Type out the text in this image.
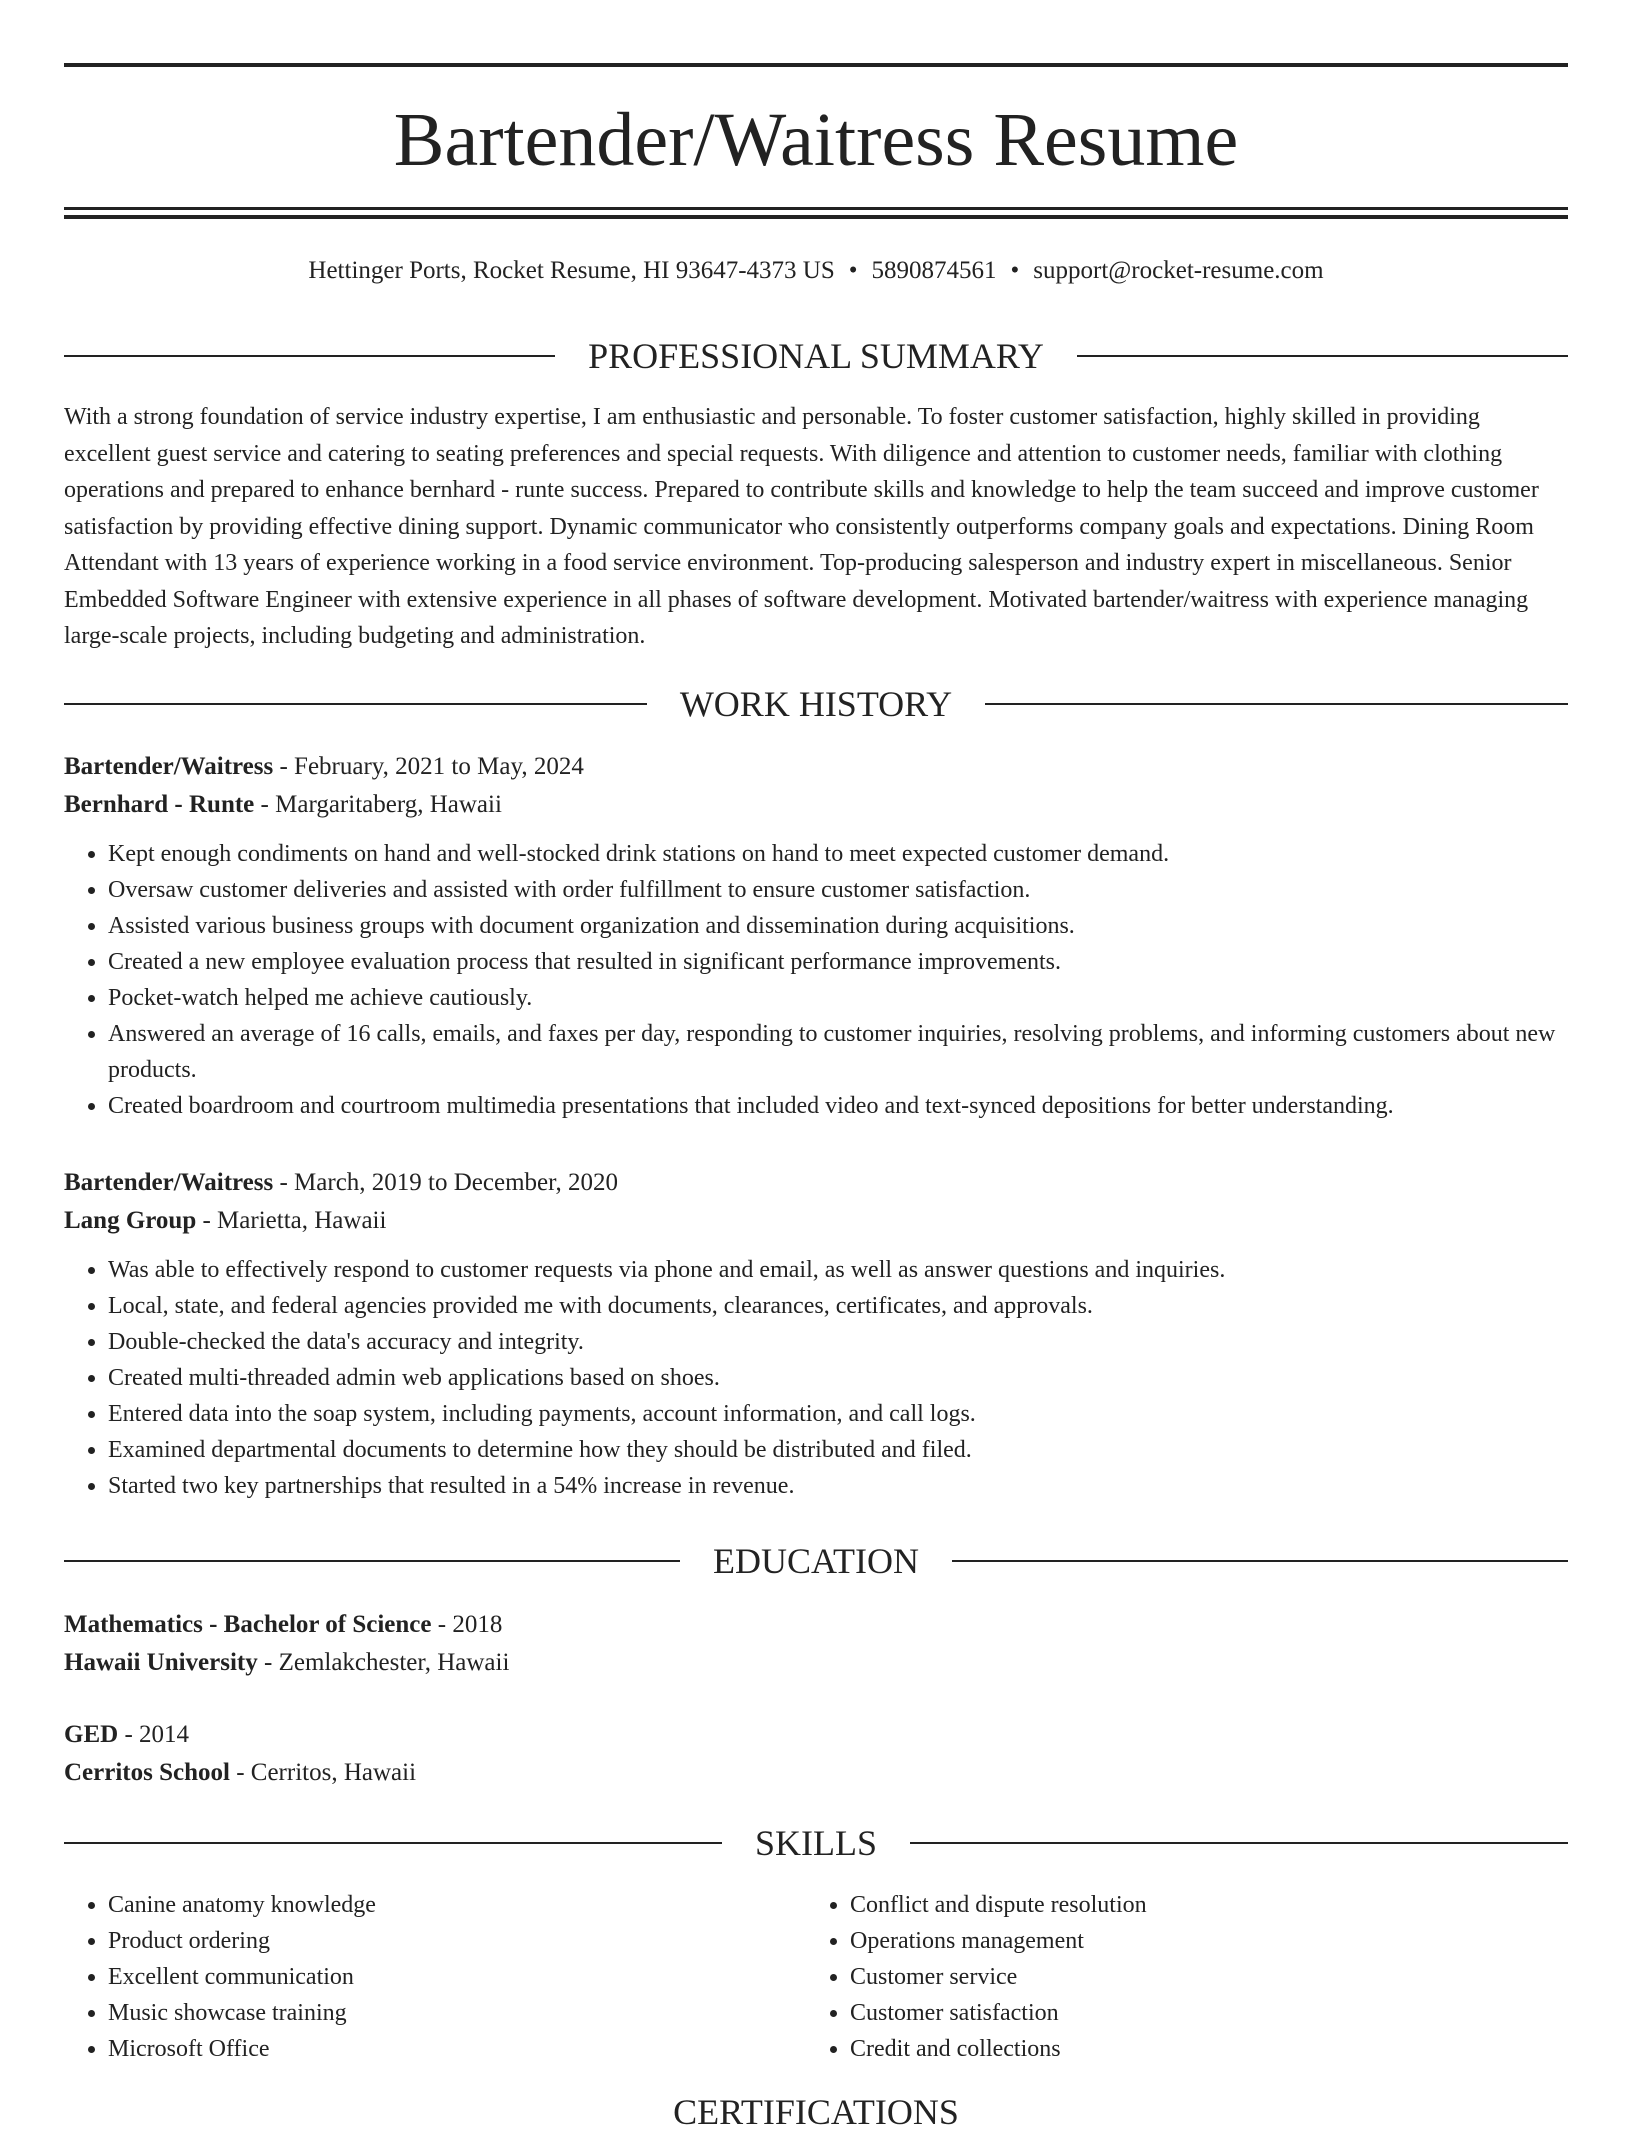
Bartender/Waitress Resume
Hettinger Ports, Rocket Resume, HI 93647-4373 US • 5890874561 • support@rocket-resume.com
PROFESSIONAL SUMMARY

With a strong foundation of service industry expertise, I am enthusiastic and personable. To foster customer satisfaction, highly skilled in providing excellent guest service and catering to seating preferences and special requests. With diligence and attention to customer needs, familiar with clothing operations and prepared to enhance bernhard - runte success. Prepared to contribute skills and knowledge to help the team succeed and improve customer satisfaction by providing effective dining support. Dynamic communicator who consistently outperforms company goals and expectations. Dining Room Attendant with 13 years of experience working in a food service environment. Top-producing salesperson and industry expert in miscellaneous. Senior Embedded Software Engineer with extensive experience in all phases of software development. Motivated bartender/waitress with experience managing large-scale projects, including budgeting and administration.

WORK HISTORY
Bartender/Waitress - February, 2021 to May, 2024
Bernhard - Runte - Margaritaberg, Hawaii
• Kept enough condiments on hand and well-stocked drink stations on hand to meet expected customer demand.
• Oversaw customer deliveries and assisted with order fulfillment to ensure customer satisfaction.
• Assisted various business groups with document organization and dissemination during acquisitions.
• Created a new employee evaluation process that resulted in significant performance improvements.
• Pocket-watch helped me achieve cautiously.
• Answered an average of 16 calls, emails, and faxes per day, responding to customer inquiries, resolving problems, and informing customers about new products.
• Created boardroom and courtroom multimedia presentations that included video and text-synced depositions for better understanding.
Bartender/Waitress - March, 2019 to December, 2020
Lang Group - Marietta, Hawaii
• Was able to effectively respond to customer requests via phone and email, as well as answer questions and inquiries.
• Local, state, and federal agencies provided me with documents, clearances, certificates, and approvals.
• Double-checked the data's accuracy and integrity.
• Created multi-threaded admin web applications based on shoes.
• Entered data into the soap system, including payments, account information, and call logs.
• Examined departmental documents to determine how they should be distributed and filed.
• Started two key partnerships that resulted in a 54% increase in revenue.
EDUCATION
Mathematics - Bachelor of Science - 2018
Hawaii University - Zemlakchester, Hawaii
GED - 2014
Cerritos School - Cerritos, Hawaii
SKILLS
• Canine anatomy knowledge
• Product ordering
• Excellent communication
• Music showcase training
• Microsoft Office
• Conflict and dispute resolution
• Operations management
• Customer service
• Customer satisfaction
• Credit and collections
CERTIFICATIONS
